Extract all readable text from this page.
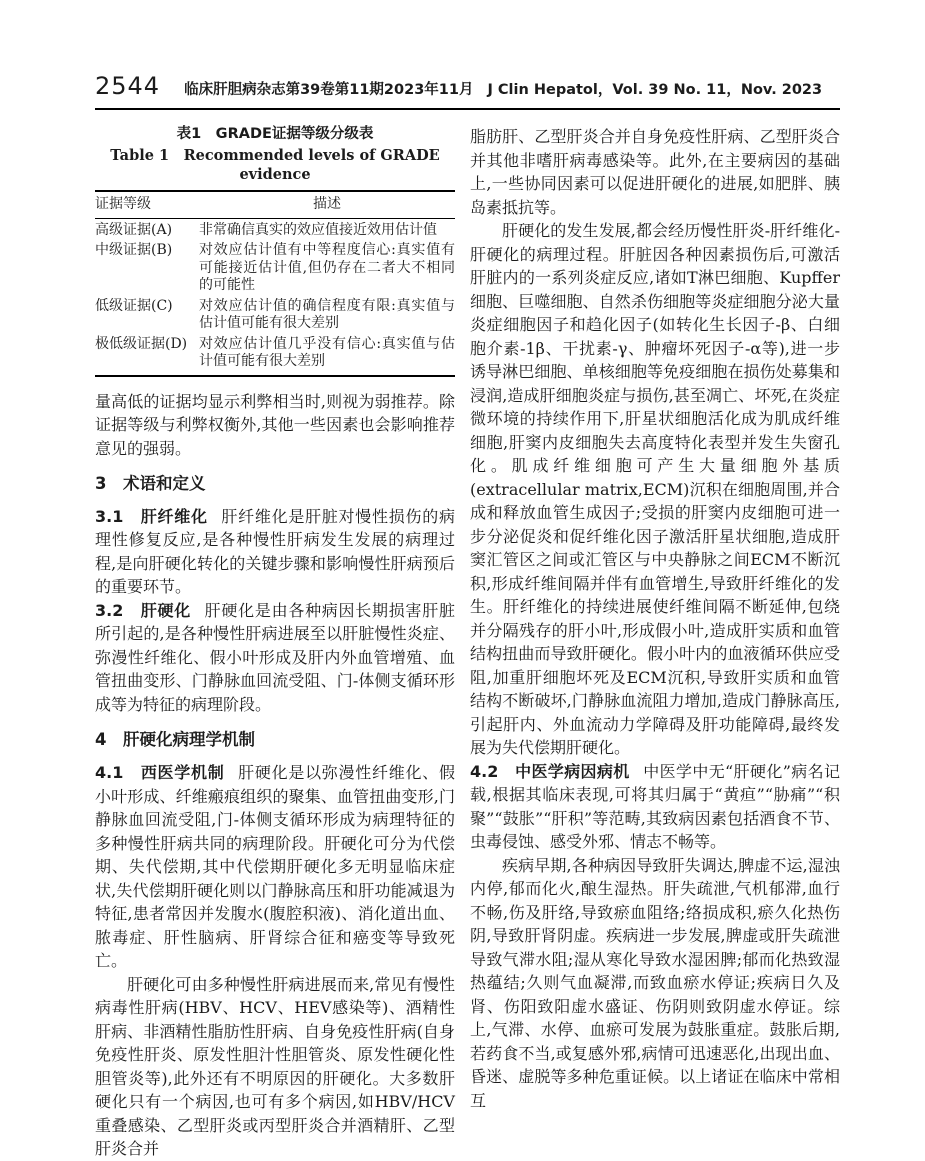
2544 临床肝胆病杂志第39卷第11期2023年11月 J Clin Hepatol，Vol. 39 No. 11，Nov. 2023
表1　GRADE证据等级分级表
Table 1　Recommended levels of GRADE evidence
证据等级	描述
高级证据(A)	非常确信真实的效应值接近效用估计值
中级证据(B)	对效应估计值有中等程度信心:真实值有可能接近估计值,但仍存在二者大不相同的可能性
低级证据(C)	对效应估计值的确信程度有限:真实值与估计值可能有很大差别
极低级证据(D)	对效应估计值几乎没有信心:真实值与估计值可能有很大差别

量高低的证据均显示利弊相当时,则视为弱推荐。除证据等级与利弊权衡外,其他一些因素也会影响推荐意见的强弱。

3　术语和定义

3.1　肝纤维化 肝纤维化是肝脏对慢性损伤的病理性修复反应,是各种慢性肝病发生发展的病理过程,是向肝硬化转化的关键步骤和影响慢性肝病预后的重要环节。

3.2　肝硬化 肝硬化是由各种病因长期损害肝脏所引起的,是各种慢性肝病进展至以肝脏慢性炎症、弥漫性纤维化、假小叶形成及肝内外血管增殖、血管扭曲变形、门静脉血回流受阻、门-体侧支循环形成等为特征的病理阶段。

4　肝硬化病理学机制

4.1　西医学机制 肝硬化是以弥漫性纤维化、假小叶形成、纤维瘢痕组织的聚集、血管扭曲变形,门静脉血回流受阻,门-体侧支循环形成为病理特征的多种慢性肝病共同的病理阶段。肝硬化可分为代偿期、失代偿期,其中代偿期肝硬化多无明显临床症状,失代偿期肝硬化则以门静脉高压和肝功能减退为特征,患者常因并发腹水(腹腔积液)、消化道出血、脓毒症、肝性脑病、肝肾综合征和癌变等导致死亡。

肝硬化可由多种慢性肝病进展而来,常见有慢性病毒性肝病(HBV、HCV、HEV感染等)、酒精性肝病、非酒精性脂肪性肝病、自身免疫性肝病(自身免疫性肝炎、原发性胆汁性胆管炎、原发性硬化性胆管炎等),此外还有不明原因的肝硬化。大多数肝硬化只有一个病因,也可有多个病因,如HBV/HCV重叠感染、乙型肝炎或丙型肝炎合并酒精肝、乙型肝炎合并

脂肪肝、乙型肝炎合并自身免疫性肝病、乙型肝炎合并其他非嗜肝病毒感染等。此外,在主要病因的基础上,一些协同因素可以促进肝硬化的进展,如肥胖、胰岛素抵抗等。

肝硬化的发生发展,都会经历慢性肝炎-肝纤维化-肝硬化的病理过程。肝脏因各种因素损伤后,可激活肝脏内的一系列炎症反应,诸如T淋巴细胞、Kupffer细胞、巨噬细胞、自然杀伤细胞等炎症细胞分泌大量炎症细胞因子和趋化因子(如转化生长因子-β、白细胞介素-1β、干扰素-γ、肿瘤坏死因子-α等),进一步诱导淋巴细胞、单核细胞等免疫细胞在损伤处募集和浸润,造成肝细胞炎症与损伤,甚至凋亡、坏死,在炎症微环境的持续作用下,肝星状细胞活化成为肌成纤维细胞,肝窦内皮细胞失去高度特化表型并发生失窗孔化。肌成纤维细胞可产生大量细胞外基质(extracellular matrix,ECM)沉积在细胞周围,并合成和释放血管生成因子;受损的肝窦内皮细胞可进一步分泌促炎和促纤维化因子激活肝星状细胞,造成肝窦汇管区之间或汇管区与中央静脉之间ECM不断沉积,形成纤维间隔并伴有血管增生,导致肝纤维化的发生。肝纤维化的持续进展使纤维间隔不断延伸,包绕并分隔残存的肝小叶,形成假小叶,造成肝实质和血管结构扭曲而导致肝硬化。假小叶内的血液循环供应受阻,加重肝细胞坏死及ECM沉积,导致肝实质和血管结构不断破坏,门静脉血流阻力增加,造成门静脉高压,引起肝内、外血流动力学障碍及肝功能障碍,最终发展为失代偿期肝硬化。

4.2　中医学病因病机 中医学中无“肝硬化”病名记载,根据其临床表现,可将其归属于“黄疸”“胁痛”“积聚”“鼓胀”“肝积”等范畴,其致病因素包括酒食不节、虫毒侵蚀、感受外邪、情志不畅等。

疾病早期,各种病因导致肝失调达,脾虚不运,湿浊内停,郁而化火,酿生湿热。肝失疏泄,气机郁滞,血行不畅,伤及肝络,导致瘀血阻络;络损成积,瘀久化热伤阴,导致肝肾阴虚。疾病进一步发展,脾虚或肝失疏泄导致气滞水阻;湿从寒化导致水湿困脾;郁而化热致湿热蕴结;久则气血凝滞,而致血瘀水停证;疾病日久及肾、伤阳致阳虚水盛证、伤阴则致阴虚水停证。综上,气滞、水停、血瘀可发展为鼓胀重症。鼓胀后期,若药食不当,或复感外邪,病情可迅速恶化,出现出血、昏迷、虚脱等多种危重证候。以上诸证在临床中常相互
